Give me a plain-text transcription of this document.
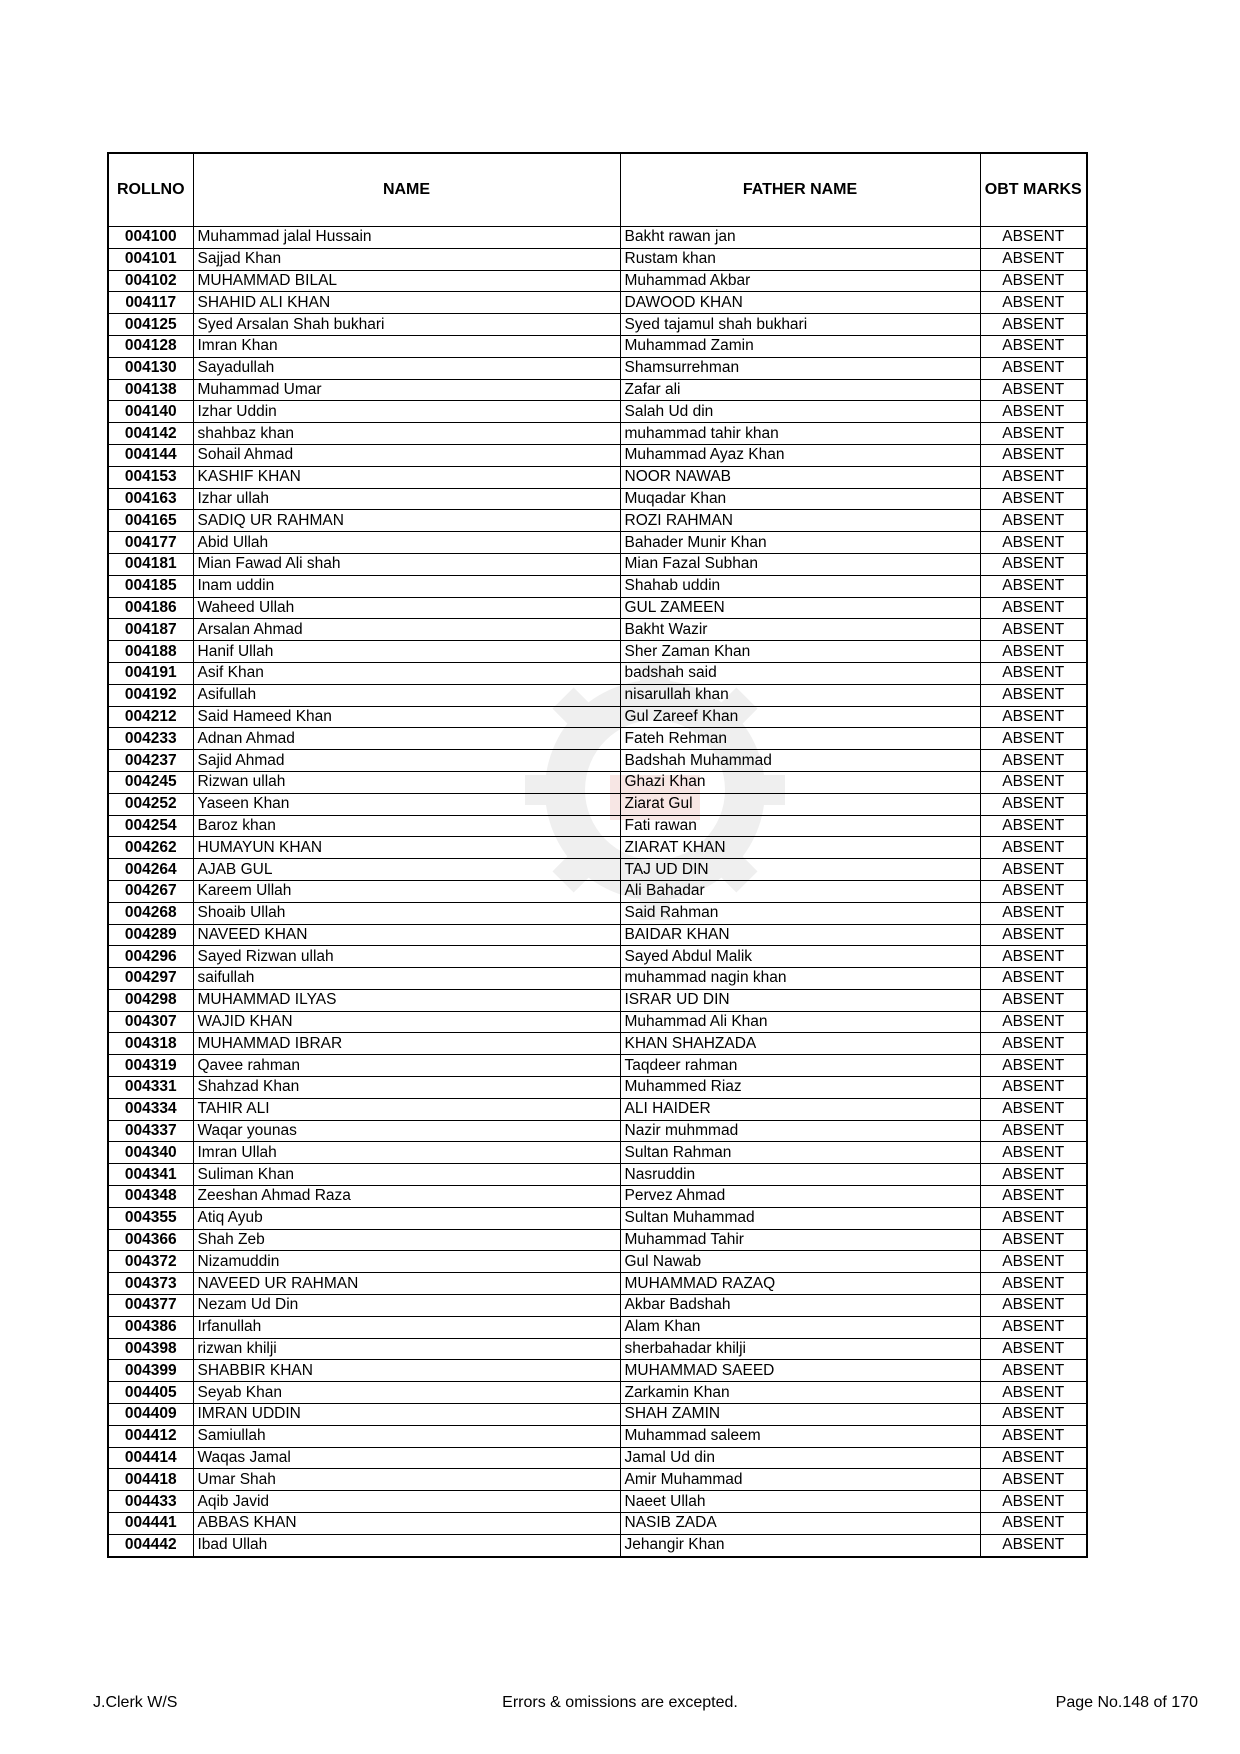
ROLLNO	NAME	FATHER NAME	OBT MARKS
004100	Muhammad jalal Hussain	Bakht rawan jan	ABSENT
004101	Sajjad Khan	Rustam khan	ABSENT
004102	MUHAMMAD BILAL	Muhammad Akbar	ABSENT
004117	SHAHID ALI KHAN	DAWOOD KHAN	ABSENT
004125	Syed Arsalan Shah bukhari	Syed tajamul shah bukhari	ABSENT
004128	Imran Khan	Muhammad Zamin	ABSENT
004130	Sayadullah	Shamsurrehman	ABSENT
004138	Muhammad Umar	Zafar ali	ABSENT
004140	Izhar Uddin	Salah Ud din	ABSENT
004142	shahbaz khan	muhammad tahir khan	ABSENT
004144	Sohail Ahmad	Muhammad Ayaz Khan	ABSENT
004153	KASHIF KHAN	NOOR NAWAB	ABSENT
004163	Izhar ullah	Muqadar Khan	ABSENT
004165	SADIQ UR RAHMAN	ROZI RAHMAN	ABSENT
004177	Abid Ullah	Bahader Munir Khan	ABSENT
004181	Mian Fawad Ali shah	Mian Fazal Subhan	ABSENT
004185	Inam uddin	Shahab uddin	ABSENT
004186	Waheed Ullah	GUL ZAMEEN	ABSENT
004187	Arsalan Ahmad	Bakht Wazir	ABSENT
004188	Hanif Ullah	Sher Zaman Khan	ABSENT
004191	Asif Khan	badshah said	ABSENT
004192	Asifullah	nisarullah khan	ABSENT
004212	Said Hameed Khan	Gul Zareef Khan	ABSENT
004233	Adnan Ahmad	Fateh Rehman	ABSENT
004237	Sajid Ahmad	Badshah Muhammad	ABSENT
004245	Rizwan ullah	Ghazi Khan	ABSENT
004252	Yaseen Khan	Ziarat Gul	ABSENT
004254	Baroz khan	Fati rawan	ABSENT
004262	HUMAYUN KHAN	ZIARAT KHAN	ABSENT
004264	AJAB GUL	TAJ UD DIN	ABSENT
004267	Kareem Ullah	Ali Bahadar	ABSENT
004268	Shoaib Ullah	Said Rahman	ABSENT
004289	NAVEED KHAN	BAIDAR KHAN	ABSENT
004296	Sayed Rizwan ullah	Sayed Abdul Malik	ABSENT
004297	saifullah	muhammad nagin khan	ABSENT
004298	MUHAMMAD ILYAS	ISRAR UD DIN	ABSENT
004307	WAJID KHAN	Muhammad Ali Khan	ABSENT
004318	MUHAMMAD IBRAR	KHAN SHAHZADA	ABSENT
004319	Qavee rahman	Taqdeer rahman	ABSENT
004331	Shahzad Khan	Muhammed Riaz	ABSENT
004334	TAHIR ALI	ALI HAIDER	ABSENT
004337	Waqar younas	Nazir muhmmad	ABSENT
004340	Imran Ullah	Sultan Rahman	ABSENT
004341	Suliman Khan	Nasruddin	ABSENT
004348	Zeeshan Ahmad Raza	Pervez Ahmad	ABSENT
004355	Atiq Ayub	Sultan Muhammad	ABSENT
004366	Shah Zeb	Muhammad Tahir	ABSENT
004372	Nizamuddin	Gul Nawab	ABSENT
004373	NAVEED UR RAHMAN	MUHAMMAD RAZAQ	ABSENT
004377	Nezam Ud Din	Akbar Badshah	ABSENT
004386	Irfanullah	Alam Khan	ABSENT
004398	rizwan khilji	sherbahadar khilji	ABSENT
004399	SHABBIR KHAN	MUHAMMAD SAEED	ABSENT
004405	Seyab Khan	Zarkamin Khan	ABSENT
004409	IMRAN UDDIN	SHAH ZAMIN	ABSENT
004412	Samiullah	Muhammad saleem	ABSENT
004414	Waqas Jamal	Jamal Ud din	ABSENT
004418	Umar Shah	Amir Muhammad	ABSENT
004433	Aqib Javid	Naeet Ullah	ABSENT
004441	ABBAS KHAN	NASIB ZADA	ABSENT
004442	Ibad Ullah	Jehangir Khan	ABSENT
J.Clerk W/S	Errors & omissions are excepted.	Page No.148 of 170
